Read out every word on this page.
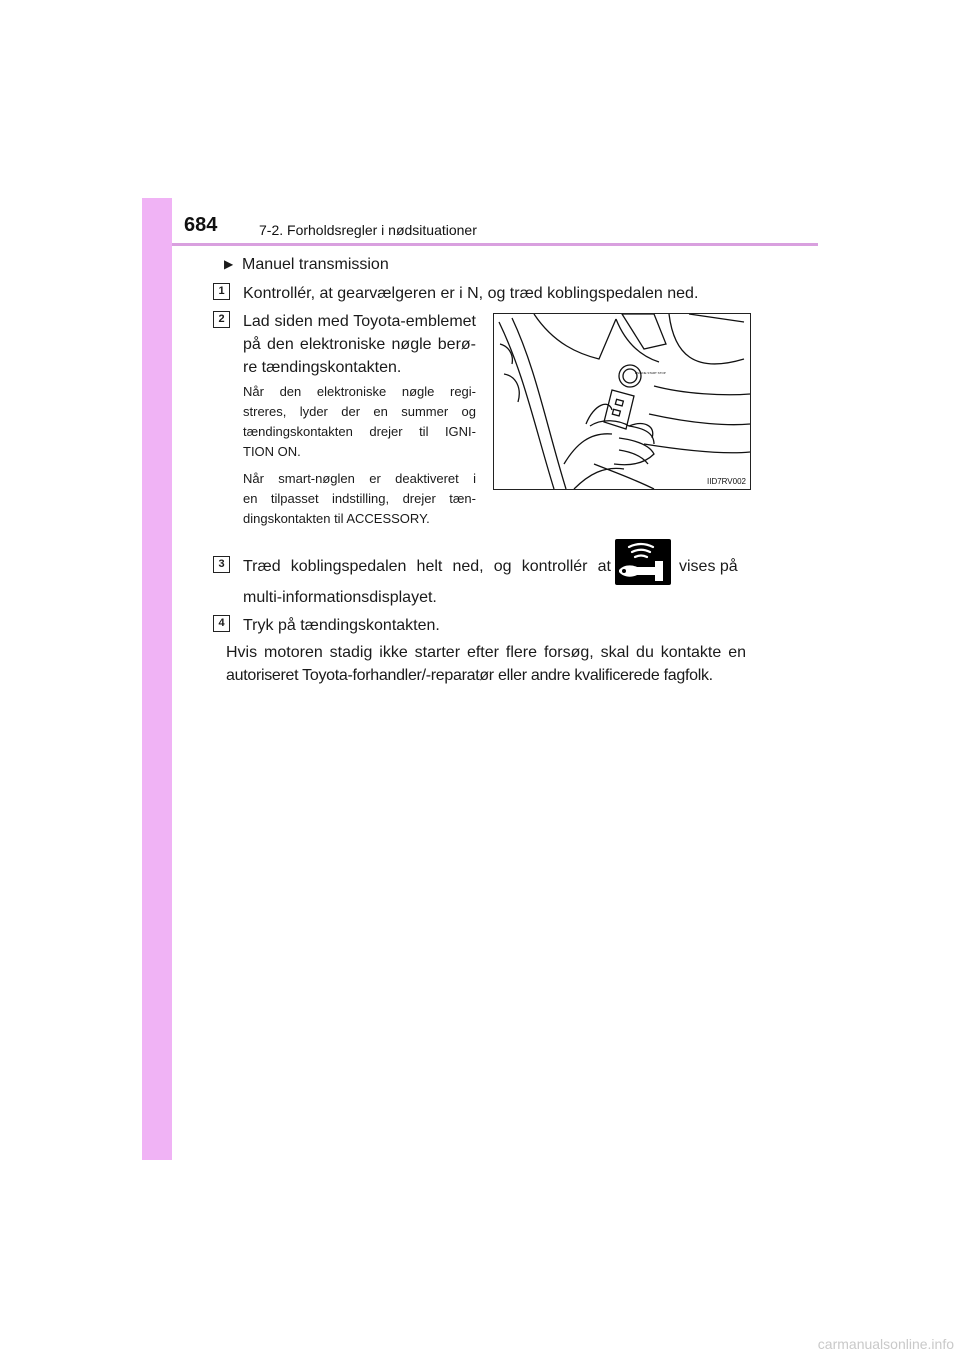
684	7-2. Forholdsregler i nødsituationer
▶ Manuel transmission
1	Kontrollér, at gearvælgeren er i N, og træd koblingspedalen ned.
2	Lad siden med Toyota-emblemet
på den elektroniske nøgle berø-
re tændingskontakten.
Når den elektroniske nøgle regi-
streres, lyder der en summer og
tændingskontakten drejer til IGNI-
TION ON.
Når smart-nøglen er deaktiveret i
en tilpasset indstilling, drejer tæn-
dingskontakten til ACCESSORY.
ENGINE START STOP
IID7RV002
3	Træd koblingspedalen helt ned, og kontrollér at	vises på
multi-informationsdisplayet.
4	Tryk på tændingskontakten.
Hvis motoren stadig ikke starter efter flere forsøg, skal du kontakte en
autoriseret Toyota-forhandler/-reparatør eller andre kvalificerede fagfolk.
carmanualsonline.info
